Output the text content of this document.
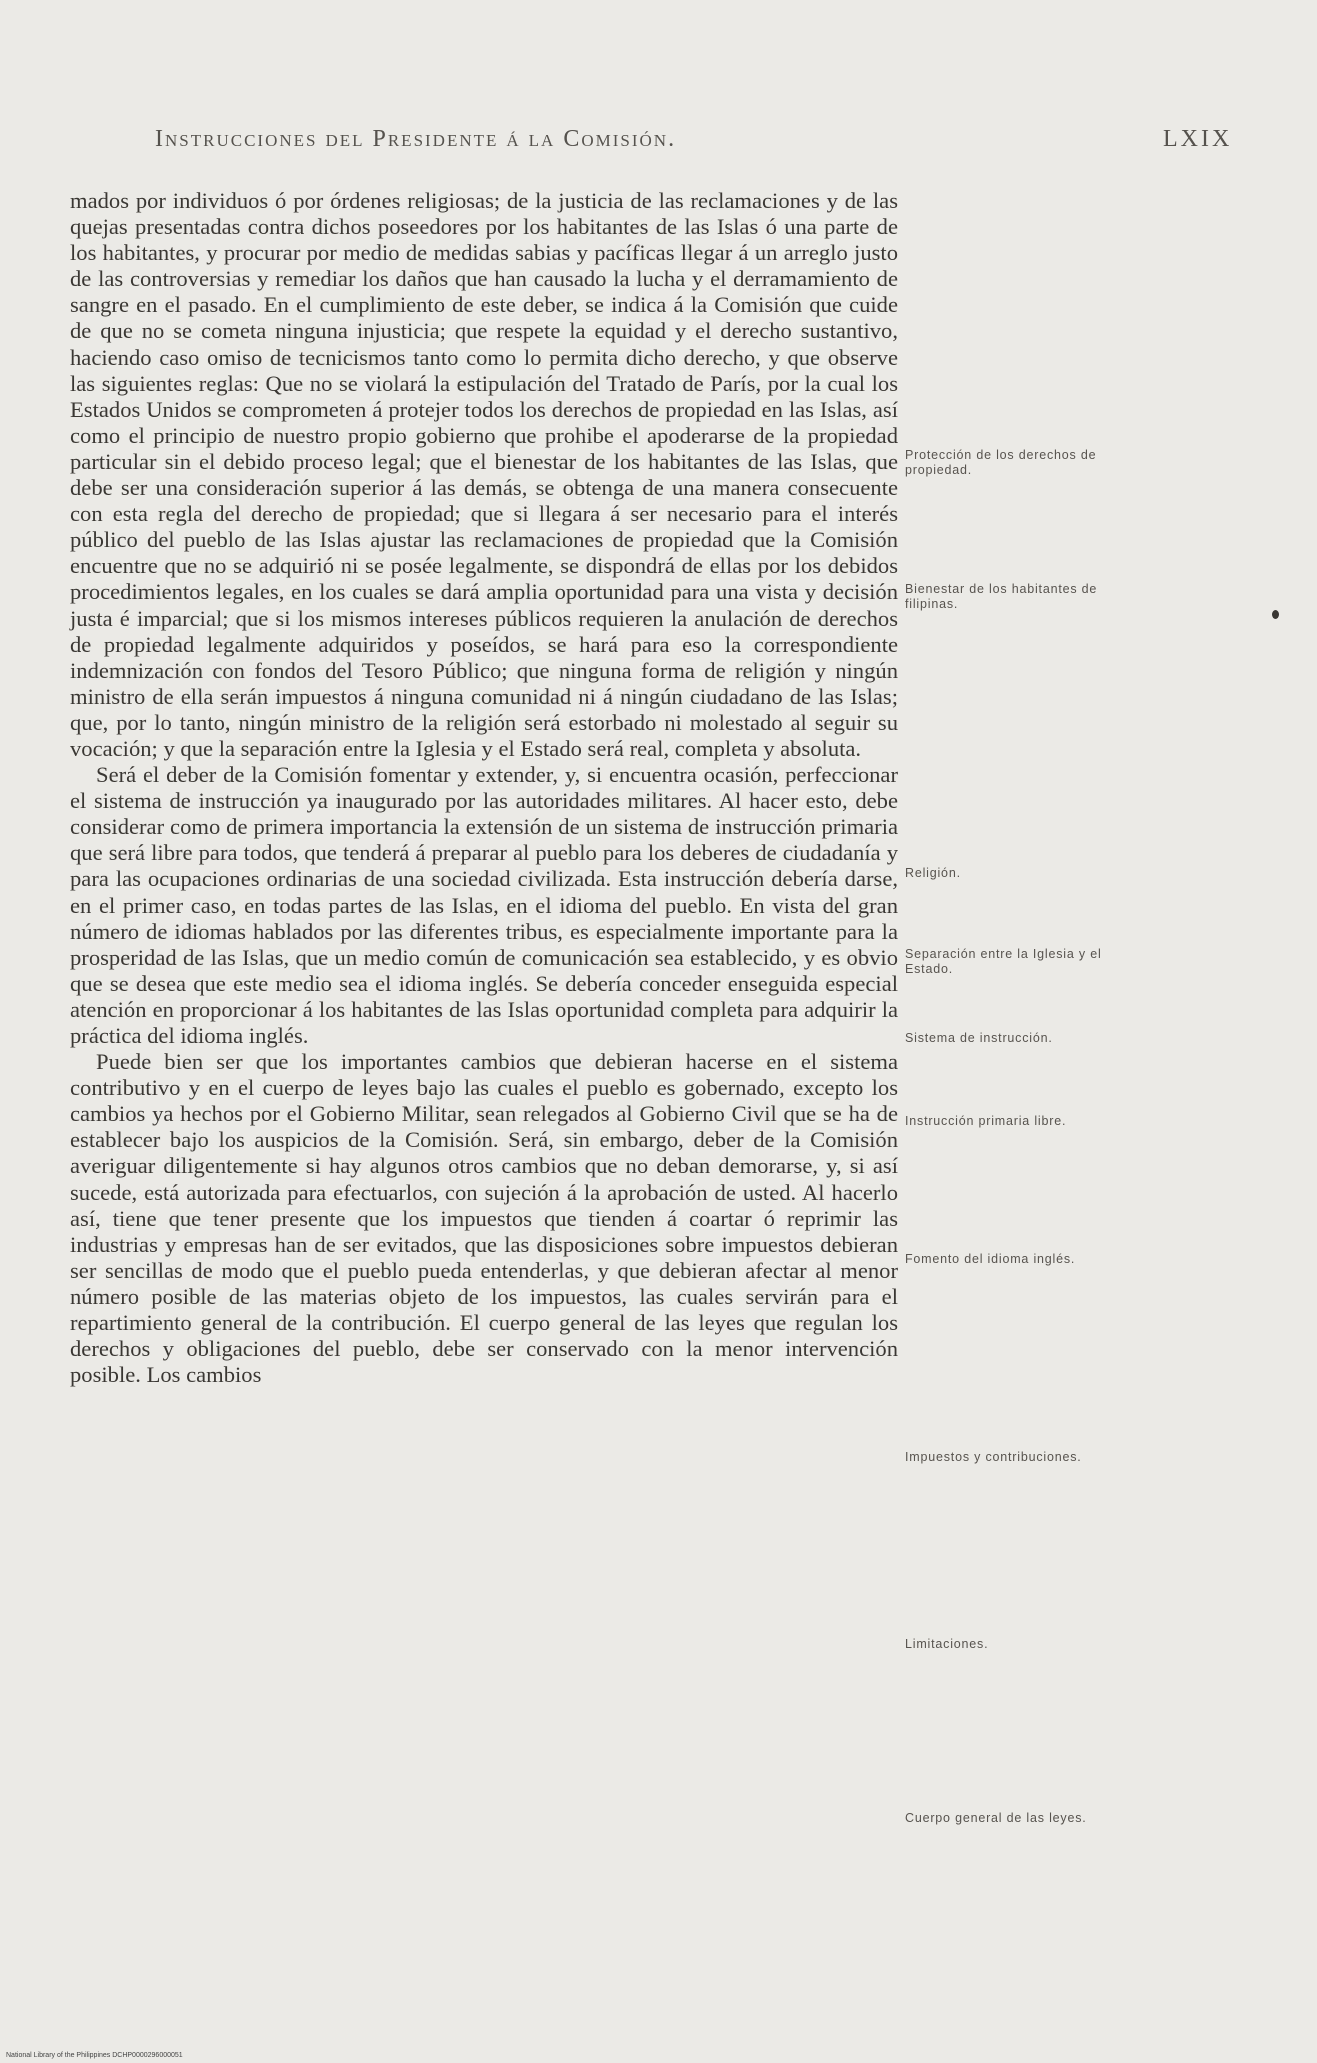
Instrucciones del Presidente á la Comisión.	LXIX

mados por individuos ó por órdenes religiosas; de la justicia de las reclamaciones y de las quejas presentadas contra dichos poseedores por los habitantes de las Islas ó una parte de los habitantes, y procurar por medio de medidas sabias y pacíficas llegar á un arreglo justo de las controversias y remediar los daños que han causado la lucha y el derramamiento de sangre en el pasado. En el cumplimiento de este deber, se indica á la Comisión que cuide de que no se cometa ninguna injusticia; que respete la equidad y el derecho sustantivo, haciendo caso omiso de tecnicismos tanto como lo permita dicho derecho, y que observe las siguientes reglas: Que no se violará la estipulación del Tratado de París, por la cual los Estados Unidos se comprometen á protejer todos los derechos de propiedad en las Islas, así como el principio de nuestro propio gobierno que prohibe el apoderarse de la propiedad particular sin el debido proceso legal; que el bienestar de los habitantes de las Islas, que debe ser una consideración superior á las demás, se obtenga de una manera consecuente con esta regla del derecho de propiedad; que si llegara á ser necesario para el interés público del pueblo de las Islas ajustar las reclamaciones de propiedad que la Comisión encuentre que no se adquirió ni se posée legalmente, se dispondrá de ellas por los debidos procedimientos legales, en los cuales se dará amplia oportunidad para una vista y decisión justa é imparcial; que si los mismos intereses públicos requieren la anulación de derechos de propiedad legalmente adquiridos y poseídos, se hará para eso la correspondiente indemnización con fondos del Tesoro Público; que ninguna forma de religión y ningún ministro de ella serán impuestos á ninguna comunidad ni á ningún ciudadano de las Islas; que, por lo tanto, ningún ministro de la religión será estorbado ni molestado al seguir su vocación; y que la separación entre la Iglesia y el Estado será real, completa y absoluta.

Será el deber de la Comisión fomentar y extender, y, si encuentra ocasión, perfeccionar el sistema de instrucción ya inaugurado por las autoridades militares. Al hacer esto, debe considerar como de primera importancia la extensión de un sistema de instrucción primaria que será libre para todos, que tenderá á preparar al pueblo para los deberes de ciudadanía y para las ocupaciones ordinarias de una sociedad civilizada. Esta instrucción debería darse, en el primer caso, en todas partes de las Islas, en el idioma del pueblo. En vista del gran número de idiomas hablados por las diferentes tribus, es especialmente importante para la prosperidad de las Islas, que un medio común de comunicación sea establecido, y es obvio que se desea que este medio sea el idioma inglés. Se debería conceder enseguida especial atención en proporcionar á los habitantes de las Islas oportunidad completa para adquirir la práctica del idioma inglés.

Puede bien ser que los importantes cambios que debieran hacerse en el sistema contributivo y en el cuerpo de leyes bajo las cuales el pueblo es gobernado, excepto los cambios ya hechos por el Gobierno Militar, sean relegados al Gobierno Civil que se ha de establecer bajo los auspicios de la Comisión. Será, sin embargo, deber de la Comisión averiguar diligentemente si hay algunos otros cambios que no deban demorarse, y, si así sucede, está autorizada para efectuarlos, con sujeción á la aprobación de usted. Al hacerlo así, tiene que tener presente que los impuestos que tienden á coartar ó reprimir las industrias y empresas han de ser evitados, que las disposiciones sobre impuestos debieran ser sencillas de modo que el pueblo pueda entenderlas, y que debieran afectar al menor número posible de las materias objeto de los impuestos, las cuales servirán para el repartimiento general de la contribución. El cuerpo general de las leyes que regulan los derechos y obligaciones del pueblo, debe ser conservado con la menor intervención posible. Los cambios

Protección de los derechos de propiedad.
Bienestar de los habitantes de filipinas.
Religión.
Separación entre la Iglesia y el Estado.
Sistema de instrucción.
Instrucción primaria libre.
Fomento del idioma inglés.
Impuestos y contribuciones.
Limitaciones.
Cuerpo general de las leyes.
National Library of the Philippines DCHP0000296000051
